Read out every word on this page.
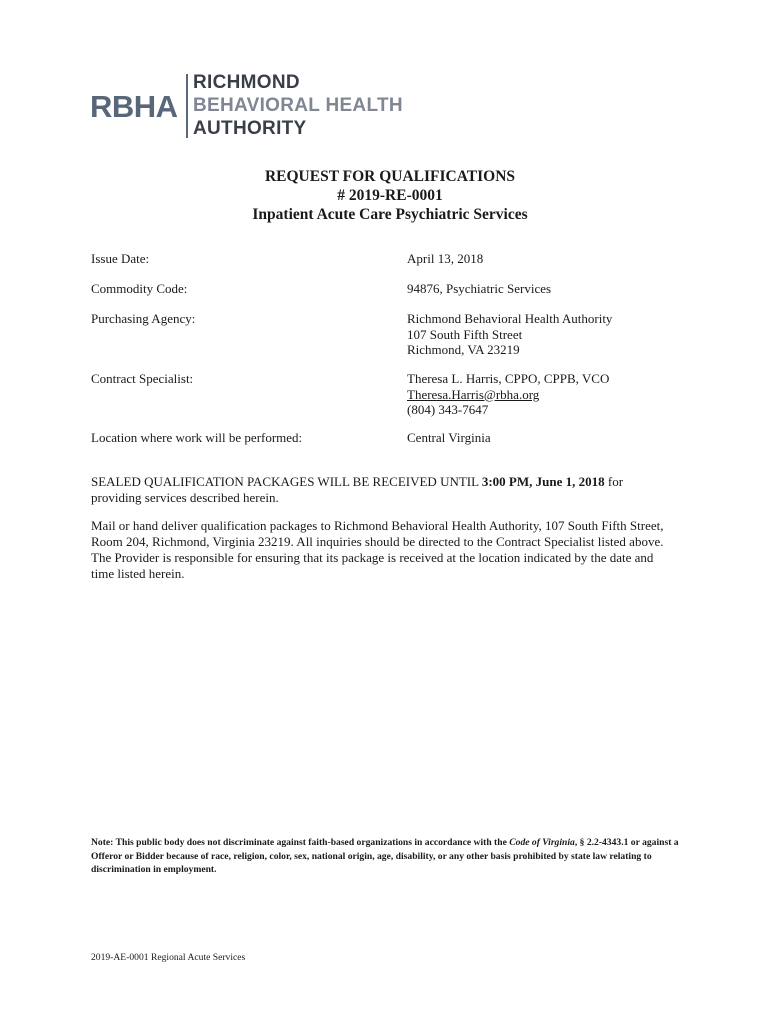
RBHA
RICHMOND
BEHAVIORAL HEALTH
AUTHORITY
REQUEST FOR QUALIFICATIONS
# 2019-RE-0001
Inpatient Acute Care Psychiatric Services
Issue Date:	April 13, 2018
Commodity Code:	94876, Psychiatric Services
Purchasing Agency:	Richmond Behavioral Health Authority
107 South Fifth Street
Richmond, VA 23219
Contract Specialist:	Theresa L. Harris, CPPO, CPPB, VCO
Theresa.Harris@rbha.org
(804) 343-7647
Location where work will be performed:	Central Virginia
SEALED QUALIFICATION PACKAGES WILL BE RECEIVED UNTIL 3:00 PM, June 1, 2018 for providing services described herein.
Mail or hand deliver qualification packages to Richmond Behavioral Health Authority, 107 South Fifth Street, Room 204, Richmond, Virginia 23219. All inquiries should be directed to the Contract Specialist listed above. The Provider is responsible for ensuring that its package is received at the location indicated by the date and time listed herein.
Note: This public body does not discriminate against faith-based organizations in accordance with the Code of Virginia, § 2.2-4343.1 or against a Offeror or Bidder because of race, religion, color, sex, national origin, age, disability, or any other basis prohibited by state law relating to discrimination in employment.
2019-AE-0001 Regional Acute Services
